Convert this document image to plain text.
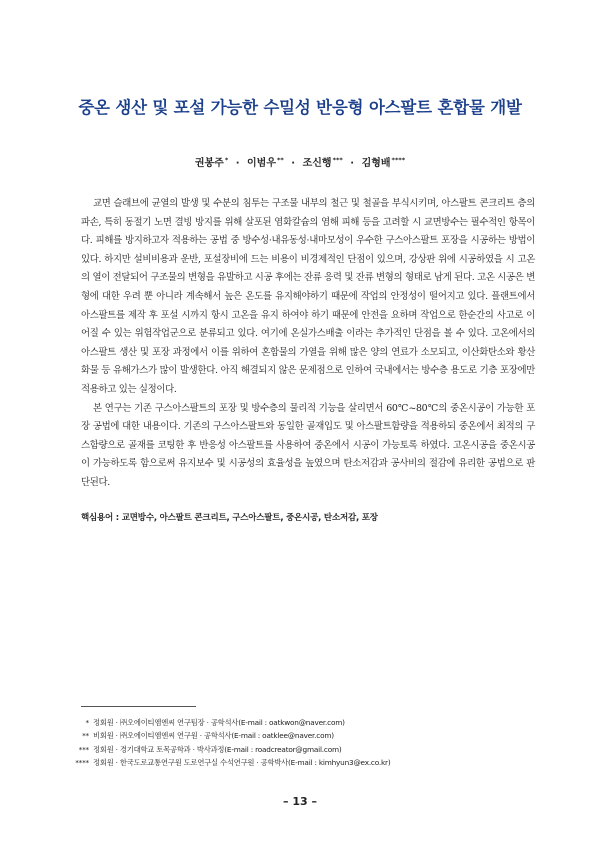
중온 생산 및 포설 가능한 수밀성 반응형 아스팔트 혼합물 개발
권봉주* · 이범우** · 조신행*** · 김형배****

교면 슬래브에 균열의 발생 및 수분의 침투는 구조물 내부의 철근 및 철골을 부식시키며, 아스팔트 콘크리트 층의 파손, 특히 동절기 노면 결빙 방지를 위해 살포된 염화칼슘의 염해 피해 등을 고려할 시 교면방수는 필수적인 항목이다. 피해를 방지하고자 적용하는 공법 중 방수성·내유동성·내마모성이 우수한 구스아스팔트 포장을 시공하는 방법이 있다. 하지만 설비비용과 운반, 포설장비에 드는 비용이 비경제적인 단점이 있으며, 강상판 위에 시공하였을 시 고온의 열이 전달되어 구조물의 변형을 유발하고 시공 후에는 잔류 응력 및 잔류 변형의 형태로 남게 된다. 고온 시공은 변형에 대한 우려 뿐 아니라 계속해서 높은 온도를 유지해야하기 때문에 작업의 안정성이 떨어지고 있다. 플랜트에서 아스팔트를 제작 후 포설 시까지 항시 고온을 유지 하여야 하기 때문에 안전을 요하며 작업으로 한순간의 사고로 이어질 수 있는 위험작업군으로 분류되고 있다. 여기에 온실가스배출 이라는 추가적인 단점을 볼 수 있다. 고온에서의 아스팔트 생산 및 포장 과정에서 이를 위하여 혼합물의 가열을 위해 많은 양의 연료가 소모되고, 이산화탄소와 황산화물 등 유해가스가 많이 발생한다. 아직 해결되지 않은 문제점으로 인하여 국내에서는 방수층 용도로 기층 포장에만 적용하고 있는 실정이다.

본 연구는 기존 구스아스팔트의 포장 및 방수층의 물리적 기능을 살리면서 60℃~80℃의 중온시공이 가능한 포장 공법에 대한 내용이다. 기존의 구스아스팔트와 동일한 골재입도 및 아스팔트함량을 적용하되 중온에서 최적의 구스함량으로 골재를 코팅한 후 반응성 아스팔트를 사용하여 중온에서 시공이 가능토록 하였다. 고온시공을 중온시공이 가능하도록 함으로써 유지보수 및 시공성의 효율성을 높였으며 탄소저감과 공사비의 절감에 유리한 공법으로 판단된다.

핵심용어 : 교면방수, 아스팔트 콘크리트, 구스아스팔트, 중온시공, 탄소저감, 포장
* 정회원 · ㈜오에이티엠엔씨 연구팀장 · 공학석사(E-mail : oatkwon@naver.com)
** 비회원 · ㈜오에이티엠엔씨 연구원 · 공학석사(E-mail : oatklee@naver.com)
*** 정회원 · 경기대학교 토목공학과 · 박사과정(E-mail : roadcreator@gmail.com)
**** 정회원 · 한국도로교통연구원 도로연구실 수석연구원 · 공학박사(E-mail : kimhyun3@ex.co.kr)
– 13 –
